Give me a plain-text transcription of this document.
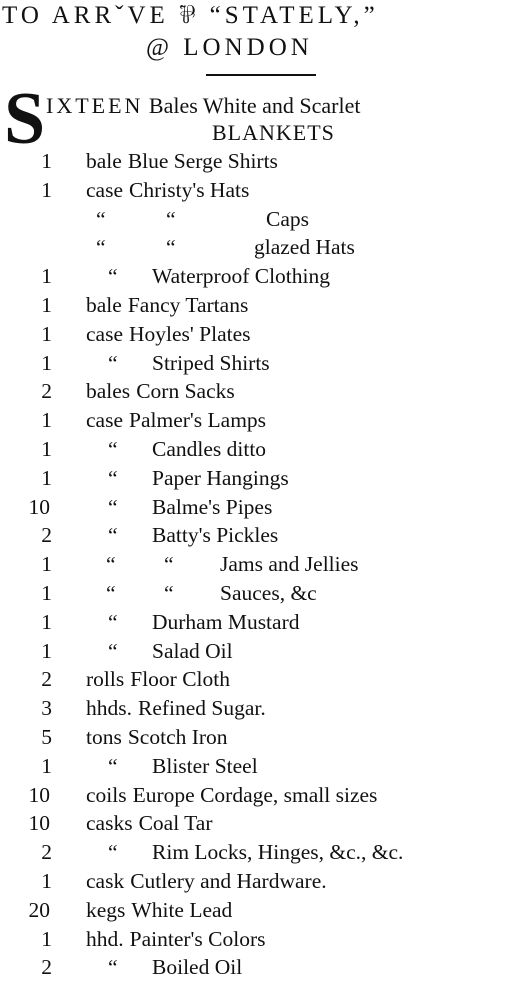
TO ARRˇVE ⅌ “STATELY,”
@ LONDON
S IXTEEN Bales White and Scarlet
BLANKETS
1 bale Blue Serge Shirts
1 case Christy's Hats
“	“	Caps
“	“	glazed Hats
1	“ Waterproof Clothing
1 bale Fancy Tartans
1 case Hoyles' Plates
1	“ Striped Shirts
2 bales Corn Sacks
1 case Palmer's Lamps
1	“ Candles ditto
1	“ Paper Hangings
10	“ Balme's Pipes
2	“ Batty's Pickles
1	“ “ Jams and Jellies
1	“ “ Sauces, &c
1	“ Durham Mustard
1	“ Salad Oil
2 rolls Floor Cloth
3 hhds. Refined Sugar.
5 tons Scotch Iron
1	“ Blister Steel
10 coils Europe Cordage, small sizes
10 casks Coal Tar
2	“ Rim Locks, Hinges, &c., &c.
1 cask Cutlery and Hardware.
20 kegs White Lead
1 hhd. Painter's Colors
2	“ Boiled Oil
